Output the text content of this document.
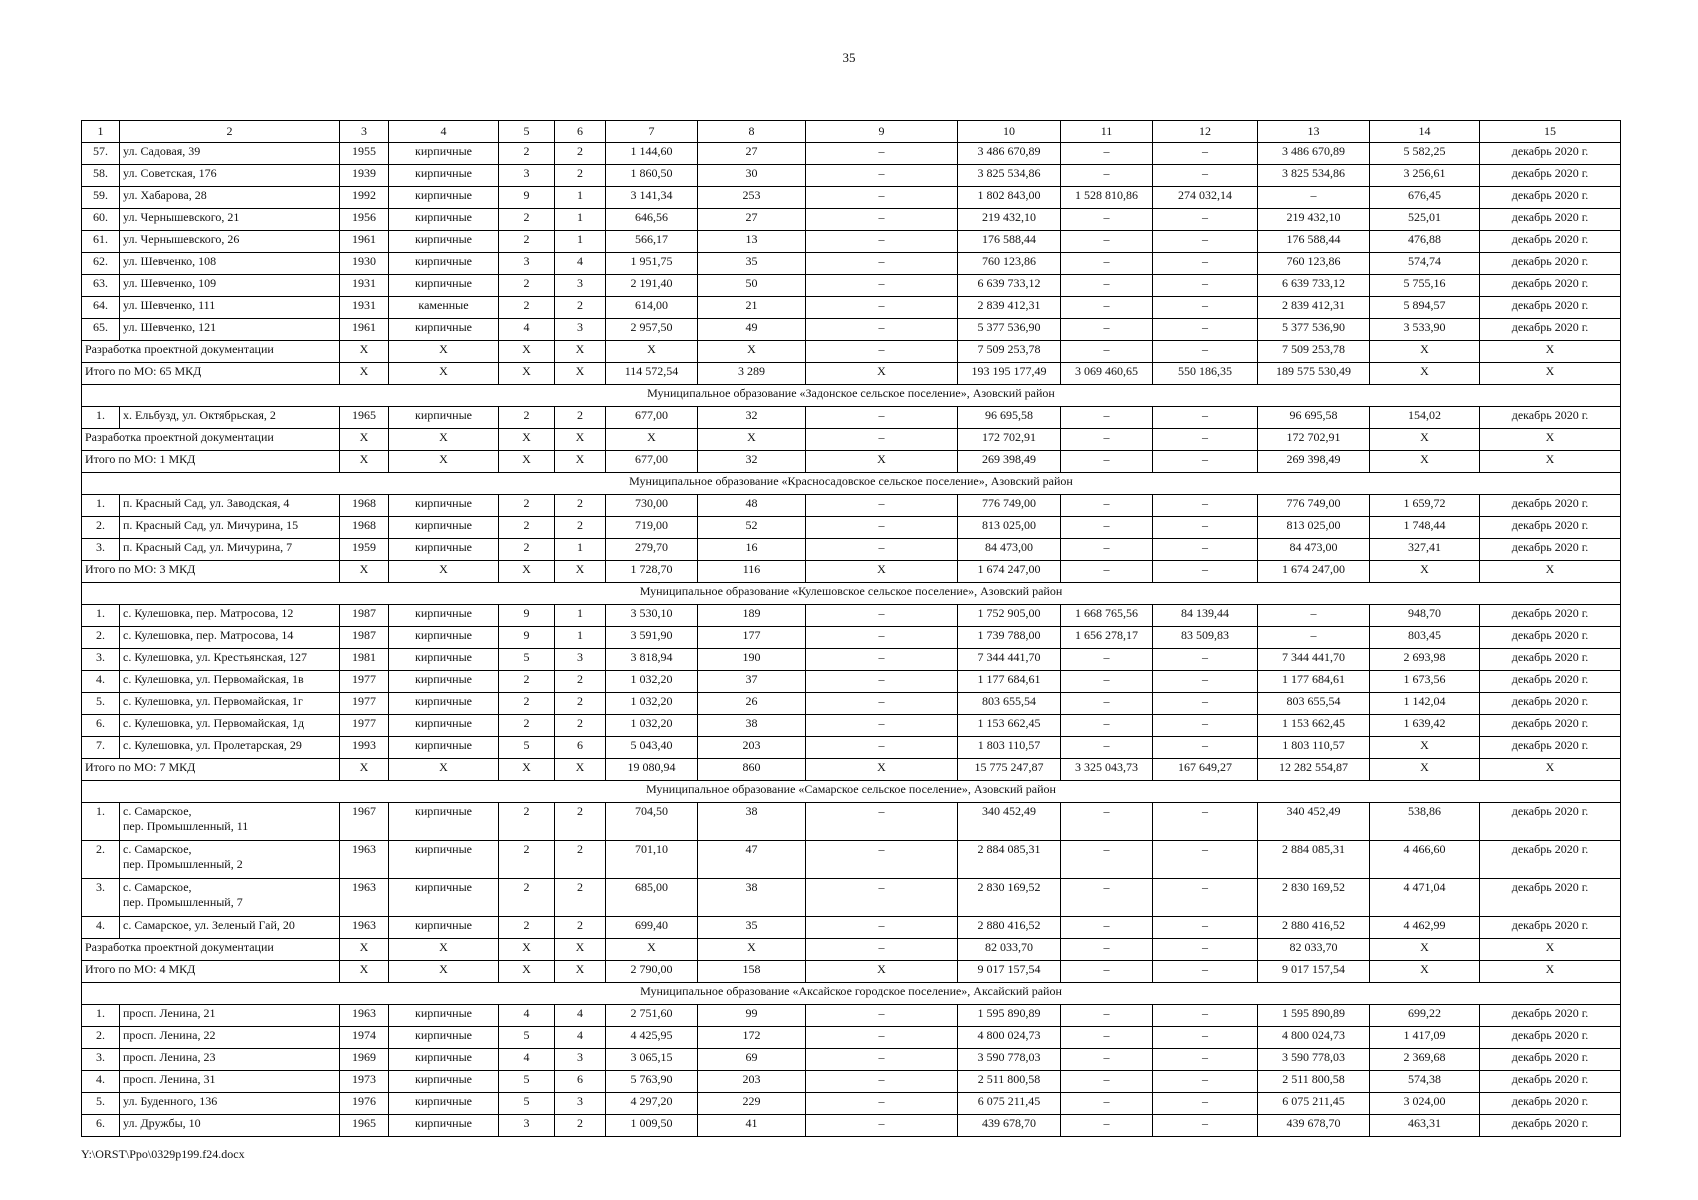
35
1	2	3	4	5	6	7	8	9	10	11	12	13	14	15
57.	ул. Садовая, 39	1955	кирпичные	2	2	1 144,60	27	–	3 486 670,89	–	–	3 486 670,89	5 582,25	декабрь 2020 г.
58.	ул. Советская, 176	1939	кирпичные	3	2	1 860,50	30	–	3 825 534,86	–	–	3 825 534,86	3 256,61	декабрь 2020 г.
59.	ул. Хабарова, 28	1992	кирпичные	9	1	3 141,34	253	–	1 802 843,00	1 528 810,86	274 032,14	–	676,45	декабрь 2020 г.
60.	ул. Чернышевского, 21	1956	кирпичные	2	1	646,56	27	–	219 432,10	–	–	219 432,10	525,01	декабрь 2020 г.
61.	ул. Чернышевского, 26	1961	кирпичные	2	1	566,17	13	–	176 588,44	–	–	176 588,44	476,88	декабрь 2020 г.
62.	ул. Шевченко, 108	1930	кирпичные	3	4	1 951,75	35	–	760 123,86	–	–	760 123,86	574,74	декабрь 2020 г.
63.	ул. Шевченко, 109	1931	кирпичные	2	3	2 191,40	50	–	6 639 733,12	–	–	6 639 733,12	5 755,16	декабрь 2020 г.
64.	ул. Шевченко, 111	1931	каменные	2	2	614,00	21	–	2 839 412,31	–	–	2 839 412,31	5 894,57	декабрь 2020 г.
65.	ул. Шевченко, 121	1961	кирпичные	4	3	2 957,50	49	–	5 377 536,90	–	–	5 377 536,90	3 533,90	декабрь 2020 г.
Разработка проектной документации		X	X	X	X	X	X	–	7 509 253,78	–	–	7 509 253,78	X	X
Итого по МО: 65 МКД		X	X	X	X	114 572,54	3 289	X	193 195 177,49	3 069 460,65	550 186,35	189 575 530,49	X	X
Муниципальное образование «Задонское сельское поселение», Азовский район														
1.	х. Ельбузд, ул. Октябрьская, 2	1965	кирпичные	2	2	677,00	32	–	96 695,58	–	–	96 695,58	154,02	декабрь 2020 г.
Разработка проектной документации		X	X	X	X	X	X	–	172 702,91	–	–	172 702,91	X	X
Итого по МО: 1 МКД		X	X	X	X	677,00	32	X	269 398,49	–	–	269 398,49	X	X
Муниципальное образование «Красносадовское сельское поселение», Азовский район														
1.	п. Красный Сад, ул. Заводская, 4	1968	кирпичные	2	2	730,00	48	–	776 749,00	–	–	776 749,00	1 659,72	декабрь 2020 г.
2.	п. Красный Сад, ул. Мичурина, 15	1968	кирпичные	2	2	719,00	52	–	813 025,00	–	–	813 025,00	1 748,44	декабрь 2020 г.
3.	п. Красный Сад, ул. Мичурина, 7	1959	кирпичные	2	1	279,70	16	–	84 473,00	–	–	84 473,00	327,41	декабрь 2020 г.
Итого по МО: 3 МКД		X	X	X	X	1 728,70	116	X	1 674 247,00	–	–	1 674 247,00	X	X
Муниципальное образование «Кулешовское сельское поселение», Азовский район														
1.	с. Кулешовка, пер. Матросова, 12	1987	кирпичные	9	1	3 530,10	189	–	1 752 905,00	1 668 765,56	84 139,44	–	948,70	декабрь 2020 г.
2.	с. Кулешовка, пер. Матросова, 14	1987	кирпичные	9	1	3 591,90	177	–	1 739 788,00	1 656 278,17	83 509,83	–	803,45	декабрь 2020 г.
3.	с. Кулешовка, ул. Крестьянская, 127	1981	кирпичные	5	3	3 818,94	190	–	7 344 441,70	–	–	7 344 441,70	2 693,98	декабрь 2020 г.
4.	с. Кулешовка, ул. Первомайская, 1в	1977	кирпичные	2	2	1 032,20	37	–	1 177 684,61	–	–	1 177 684,61	1 673,56	декабрь 2020 г.
5.	с. Кулешовка, ул. Первомайская, 1г	1977	кирпичные	2	2	1 032,20	26	–	803 655,54	–	–	803 655,54	1 142,04	декабрь 2020 г.
6.	с. Кулешовка, ул. Первомайская, 1д	1977	кирпичные	2	2	1 032,20	38	–	1 153 662,45	–	–	1 153 662,45	1 639,42	декабрь 2020 г.
7.	с. Кулешовка, ул. Пролетарская, 29	1993	кирпичные	5	6	5 043,40	203	–	1 803 110,57	–	–	1 803 110,57	X	декабрь 2020 г.
Итого по МО: 7 МКД		X	X	X	X	19 080,94	860	X	15 775 247,87	3 325 043,73	167 649,27	12 282 554,87	X	X
Муниципальное образование «Самарское сельское поселение», Азовский район														
1.	с. Самарское,
пер. Промышленный, 11	1967	кирпичные	2	2	704,50	38	–	340 452,49	–	–	340 452,49	538,86	декабрь 2020 г.
2.	с. Самарское,
пер. Промышленный, 2	1963	кирпичные	2	2	701,10	47	–	2 884 085,31	–	–	2 884 085,31	4 466,60	декабрь 2020 г.
3.	с. Самарское,
пер. Промышленный, 7	1963	кирпичные	2	2	685,00	38	–	2 830 169,52	–	–	2 830 169,52	4 471,04	декабрь 2020 г.
4.	с. Самарское, ул. Зеленый Гай, 20	1963	кирпичные	2	2	699,40	35	–	2 880 416,52	–	–	2 880 416,52	4 462,99	декабрь 2020 г.
Разработка проектной документации		X	X	X	X	X	X	–	82 033,70	–	–	82 033,70	X	X
Итого по МО: 4 МКД		X	X	X	X	2 790,00	158	X	9 017 157,54	–	–	9 017 157,54	X	X
Муниципальное образование «Аксайское городское поселение», Аксайский район														
1.	просп. Ленина, 21	1963	кирпичные	4	4	2 751,60	99	–	1 595 890,89	–	–	1 595 890,89	699,22	декабрь 2020 г.
2.	просп. Ленина, 22	1974	кирпичные	5	4	4 425,95	172	–	4 800 024,73	–	–	4 800 024,73	1 417,09	декабрь 2020 г.
3.	просп. Ленина, 23	1969	кирпичные	4	3	3 065,15	69	–	3 590 778,03	–	–	3 590 778,03	2 369,68	декабрь 2020 г.
4.	просп. Ленина, 31	1973	кирпичные	5	6	5 763,90	203	–	2 511 800,58	–	–	2 511 800,58	574,38	декабрь 2020 г.
5.	ул. Буденного, 136	1976	кирпичные	5	3	4 297,20	229	–	6 075 211,45	–	–	6 075 211,45	3 024,00	декабрь 2020 г.
6.	ул. Дружбы, 10	1965	кирпичные	3	2	1 009,50	41	–	439 678,70	–	–	439 678,70	463,31	декабрь 2020 г.
Y:\ORST\Ppo\0329p199.f24.docx
